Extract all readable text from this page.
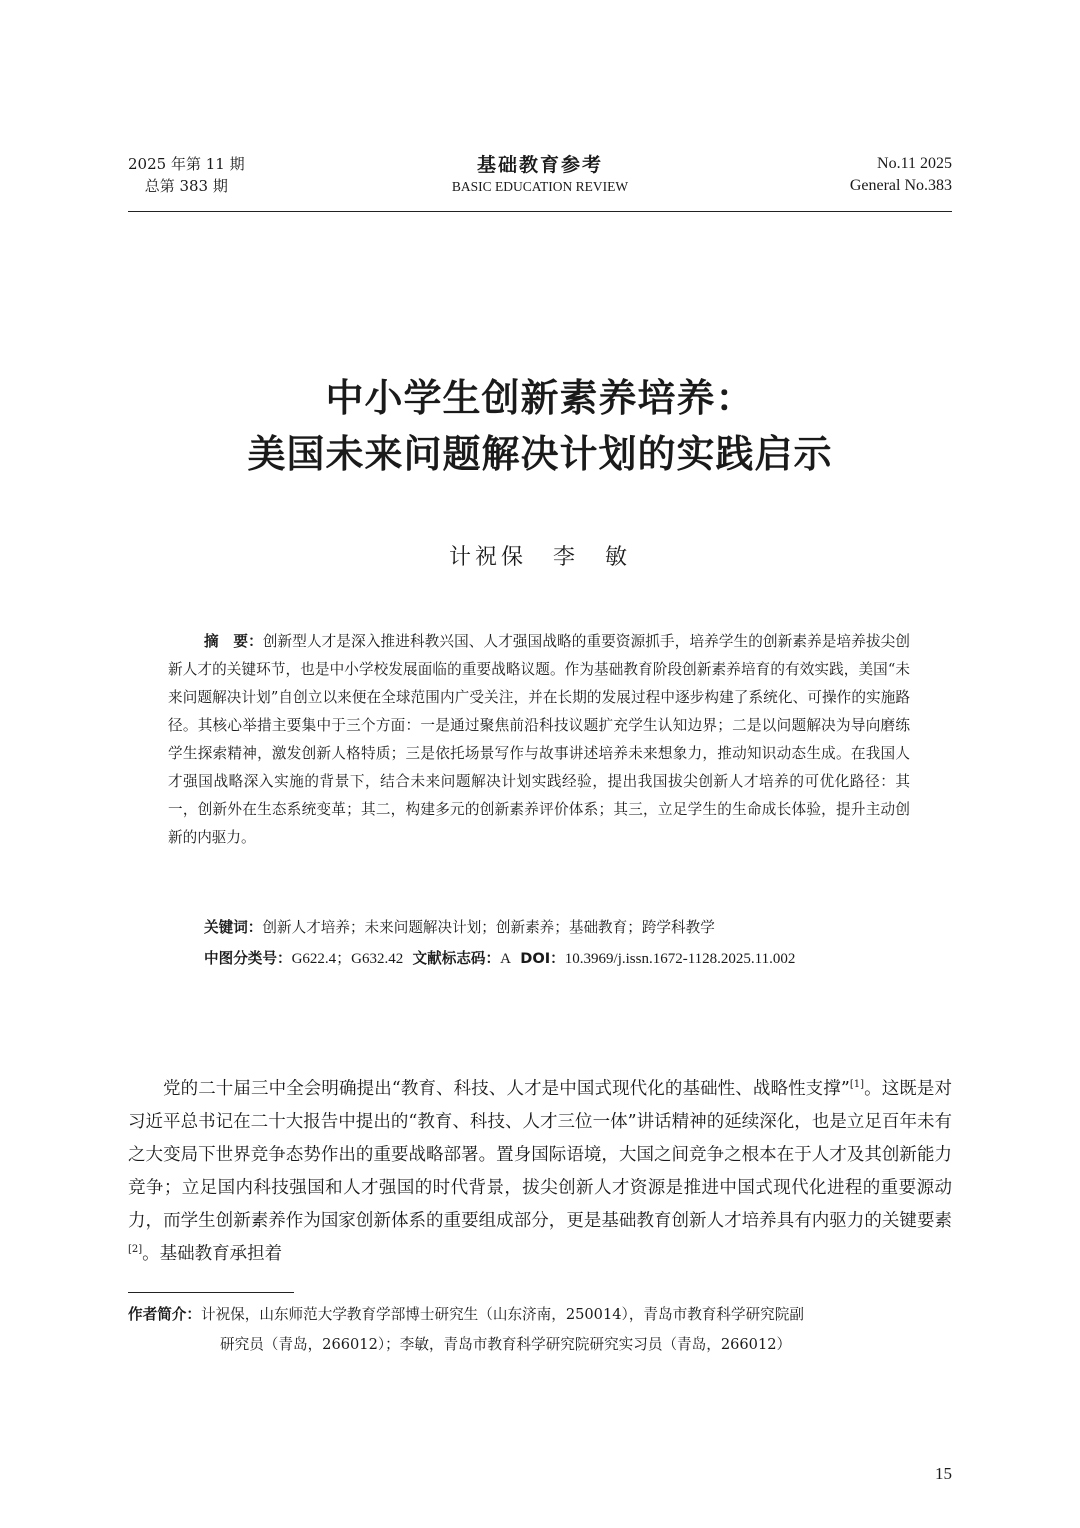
2025 年第 11 期
总第 383 期
基础教育参考
BASIC EDUCATION REVIEW
No.11 2025
General No.383
中小学生创新素养培养：
美国未来问题解决计划的实践启示
计祝保 李　敏
摘　要：创新型人才是深入推进科教兴国、人才强国战略的重要资源抓手，培养学生的创新素养是培养拔尖创新人才的关键环节，也是中小学校发展面临的重要战略议题。作为基础教育阶段创新素养培育的有效实践，美国“未来问题解决计划”自创立以来便在全球范围内广受关注，并在长期的发展过程中逐步构建了系统化、可操作的实施路径。其核心举措主要集中于三个方面：一是通过聚焦前沿科技议题扩充学生认知边界；二是以问题解决为导向磨练学生探索精神，激发创新人格特质；三是依托场景写作与故事讲述培养未来想象力，推动知识动态生成。在我国人才强国战略深入实施的背景下，结合未来问题解决计划实践经验，提出我国拔尖创新人才培养的可优化路径：其一，创新外在生态系统变革；其二，构建多元的创新素养评价体系；其三，立足学生的生命成长体验，提升主动创新的内驱力。
关键词：创新人才培养；未来问题解决计划；创新素养；基础教育；跨学科教学
中图分类号：G622.4；G632.42 文献标志码：A DOI：10.3969/j.issn.1672-1128.2025.11.002

党的二十届三中全会明确提出“教育、科技、人才是中国式现代化的基础性、战略性支撑”[1]。这既是对习近平总书记在二十大报告中提出的“教育、科技、人才三位一体”讲话精神的延续深化，也是立足百年未有之大变局下世界竞争态势作出的重要战略部署。置身国际语境，大国之间竞争之根本在于人才及其创新能力竞争；立足国内科技强国和人才强国的时代背景，拔尖创新人才资源是推进中国式现代化进程的重要源动力，而学生创新素养作为国家创新体系的重要组成部分，更是基础教育创新人才培养具有内驱力的关键要素[2]。基础教育承担着

作者简介：计祝保，山东师范大学教育学部博士研究生（山东济南，250014），青岛市教育科学研究院副
研究员（青岛，266012）；李敏，青岛市教育科学研究院研究实习员（青岛，266012）
15
